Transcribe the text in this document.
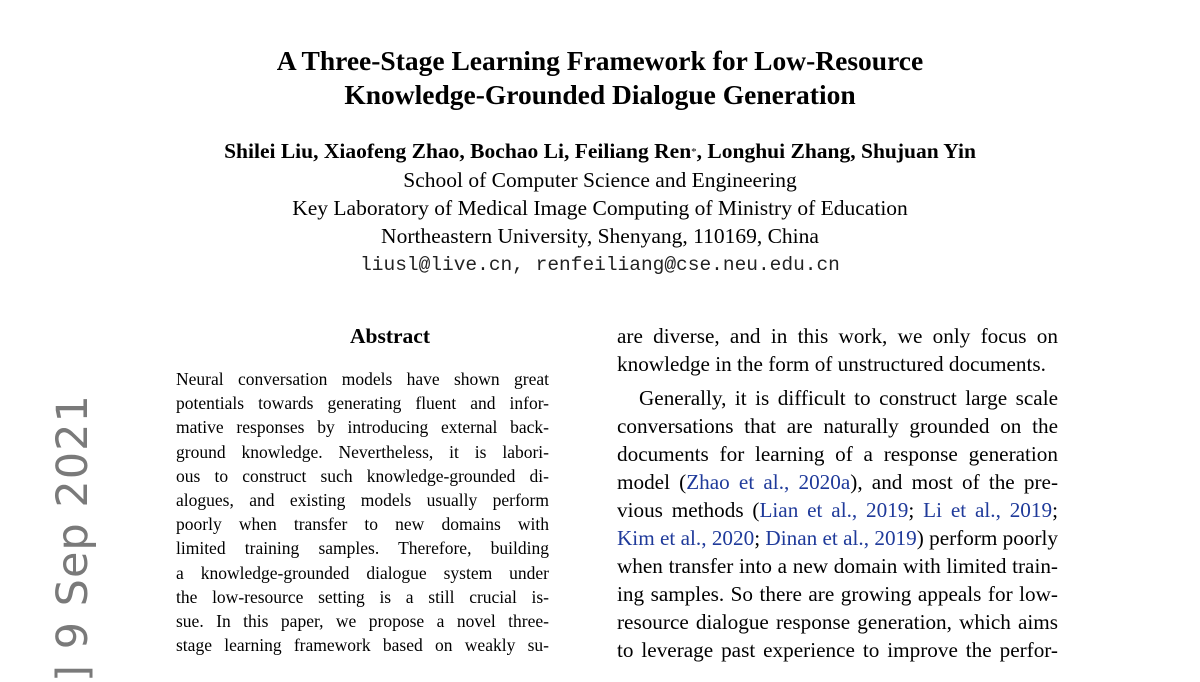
A Three-Stage Learning Framework for Low-Resource
Knowledge-Grounded Dialogue Generation
Shilei Liu, Xiaofeng Zhao, Bochao Li, Feiliang Ren*, Longhui Zhang, Shujuan Yin
School of Computer Science and Engineering
Key Laboratory of Medical Image Computing of Ministry of Education
Northeastern University, Shenyang, 110169, China
liusl@live.cn, renfeiliang@cse.neu.edu.cn
Abstract
Neural conversation models have shown great
potentials towards generating fluent and infor-
mative responses by introducing external back-
ground knowledge. Nevertheless, it is labori-
ous to construct such knowledge-grounded di-
alogues, and existing models usually perform
poorly when transfer to new domains with
limited training samples. Therefore, building
a knowledge-grounded dialogue system under
the low-resource setting is a still crucial is-
sue. In this paper, we propose a novel three-
stage learning framework based on weakly su-
are diverse, and in this work, we only focus on
knowledge in the form of unstructured documents.
Generally, it is difficult to construct large scale
conversations that are naturally grounded on the
documents for learning of a response generation
model (Zhao et al., 2020a), and most of the pre-
vious methods (Lian et al., 2019; Li et al., 2019;
Kim et al., 2020; Dinan et al., 2019) perform poorly
when transfer into a new domain with limited train-
ing samples. So there are growing appeals for low-
resource dialogue response generation, which aims
to leverage past experience to improve the perfor-
] 9 Sep 2021
